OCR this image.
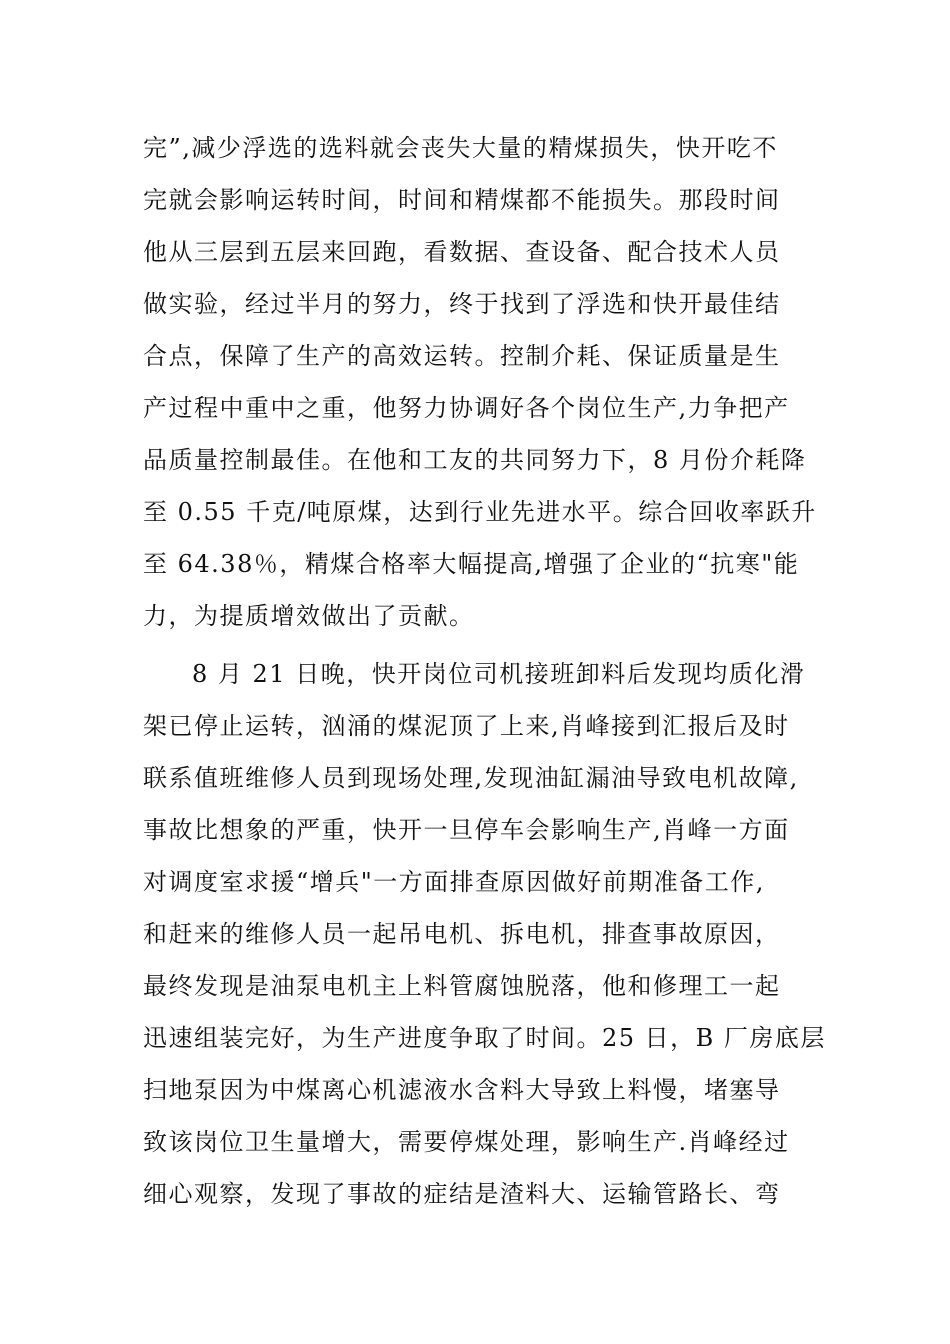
完”,减少浮选的选料就会丧失大量的精煤损失，快开吃不
完就会影响运转时间，时间和精煤都不能损失。那段时间
他从三层到五层来回跑，看数据、查设备、配合技术人员
做实验，经过半月的努力，终于找到了浮选和快开最佳结
合点，保障了生产的高效运转。控制介耗、保证质量是生
产过程中重中之重，他努力协调好各个岗位生产,力争把产
品质量控制最佳。在他和工友的共同努力下，8 月份介耗降
至 0.55 千克/吨原煤，达到行业先进水平。综合回收率跃升
至 64.38％，精煤合格率大幅提高,增强了企业的“抗寒"能
力，为提质增效做出了贡献。
8 月 21 日晚，快开岗位司机接班卸料后发现均质化滑
架已停止运转，汹涌的煤泥顶了上来,肖峰接到汇报后及时
联系值班维修人员到现场处理,发现油缸漏油导致电机故障,
事故比想象的严重，快开一旦停车会影响生产,肖峰一方面
对调度室求援“增兵"一方面排查原因做好前期准备工作,
和赶来的维修人员一起吊电机、拆电机，排查事故原因，
最终发现是油泵电机主上料管腐蚀脱落，他和修理工一起
迅速组装完好，为生产进度争取了时间。25 日，B 厂房底层
扫地泵因为中煤离心机滤液水含料大导致上料慢，堵塞导
致该岗位卫生量增大，需要停煤处理，影响生产.肖峰经过
细心观察，发现了事故的症结是渣料大、运输管路长、弯
